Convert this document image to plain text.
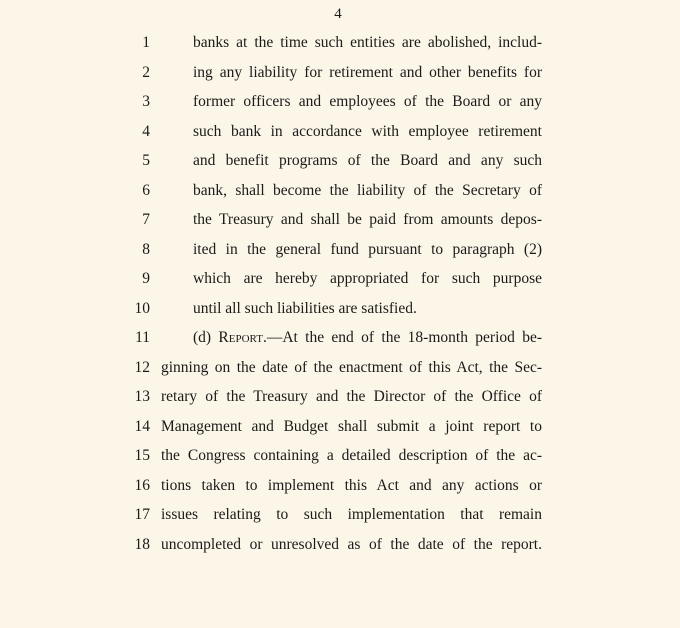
4
1	banks at the time such entities are abolished, includ-
2	ing any liability for retirement and other benefits for
3	former officers and employees of the Board or any
4	such bank in accordance with employee retirement
5	and benefit programs of the Board and any such
6	bank, shall become the liability of the Secretary of
7	the Treasury and shall be paid from amounts depos-
8	ited in the general fund pursuant to paragraph (2)
9	which are hereby appropriated for such purpose
10	until all such liabilities are satisfied.
11	(d) Report.—At the end of the 18-month period be-
12 ginning on the date of the enactment of this Act, the Sec-
13 retary of the Treasury and the Director of the Office of
14 Management and Budget shall submit a joint report to
15 the Congress containing a detailed description of the ac-
16 tions taken to implement this Act and any actions or
17 issues relating to such implementation that remain
18 uncompleted or unresolved as of the date of the report.
